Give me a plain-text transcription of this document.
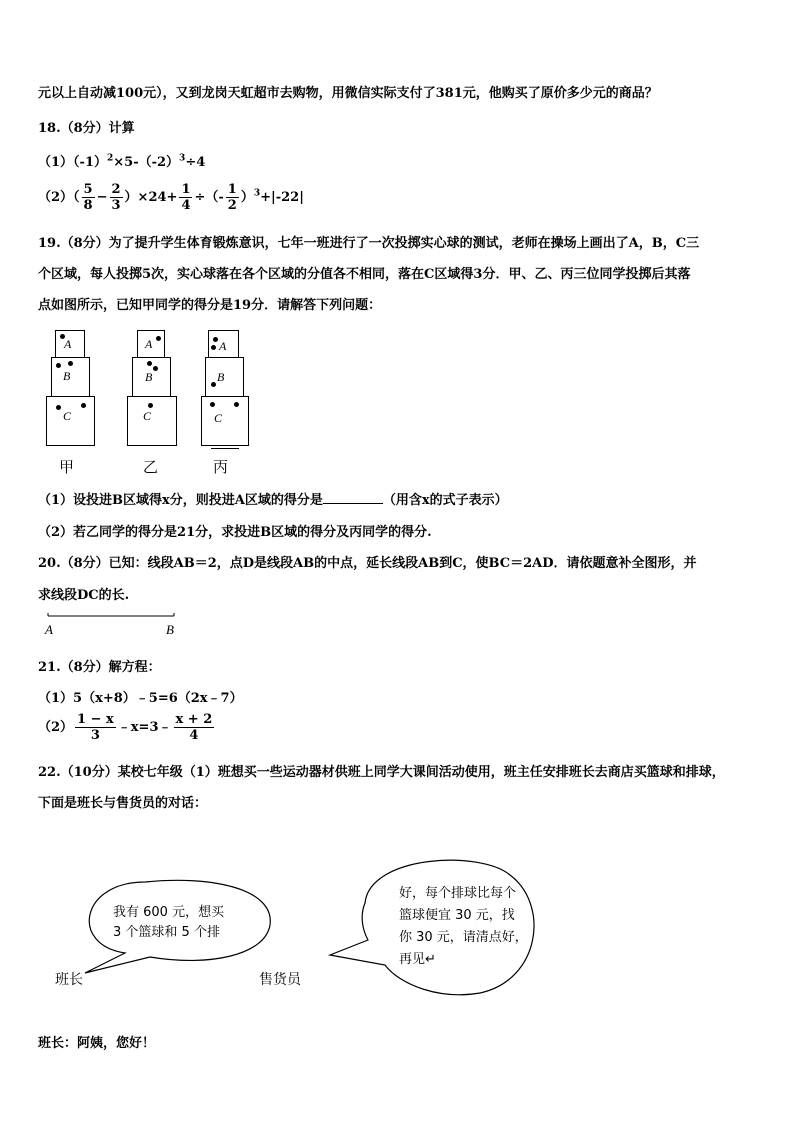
元以上自动减100元），又到龙岗天虹超市去购物，用微信实际支付了381元，他购买了原价多少元的商品？
18.（8分）计算
$(1)(-1)^2\times 5-(-2)^3\div 4$
$(2)( \frac{5}{8} - \frac{2}{3} )\times 24+ \frac{1}{4}$ ÷（- $\frac{1}{2} )^3+|-22|$
19.（8分）为了提升学生体育锻炼意识，七年一班进行了一次投掷实心球的测试，老师在操场上画出了A，B，C三
个区域，每人投掷5次，实心球落在各个区域的分值各不相同，落在C区域得3分．甲、乙、丙三位同学投掷后其落
点如图所示，已知甲同学的得分是19分．请解答下列问题：
A
B
C
甲
A
B
C
乙
A
B
C
丙
（1）设投进B区域得x分，则投进A区域的得分是	（用含x的式子表示）
（2）若乙同学的得分是21分，求投进B区域的得分及丙同学的得分.
20.（8分）已知：线段AB＝2，点D是线段AB的中点，延长线段AB到C，使BC＝2AD．请依题意补全图形，并
求线段DC的长.
A	B
21.（8分）解方程：
（1）5（x+8）﹣5=6（2x﹣7）
$(2) \frac{1 - x}{3}$ ﹣x=3﹣ $\frac{x + 2}{4}$
22.（10分）某校七年级（1）班想买一些运动器材供班上同学大课间活动使用，班主任安排班长去商店买篮球和排球，
下面是班长与售货员的对话：
我有 600 元，想买
3 个篮球和 5 个排
好，每个排球比每个
篮球便宜 30 元，找
你 30 元，请清点好，
再见↵
班长	售货员
班长：阿姨，您好！
